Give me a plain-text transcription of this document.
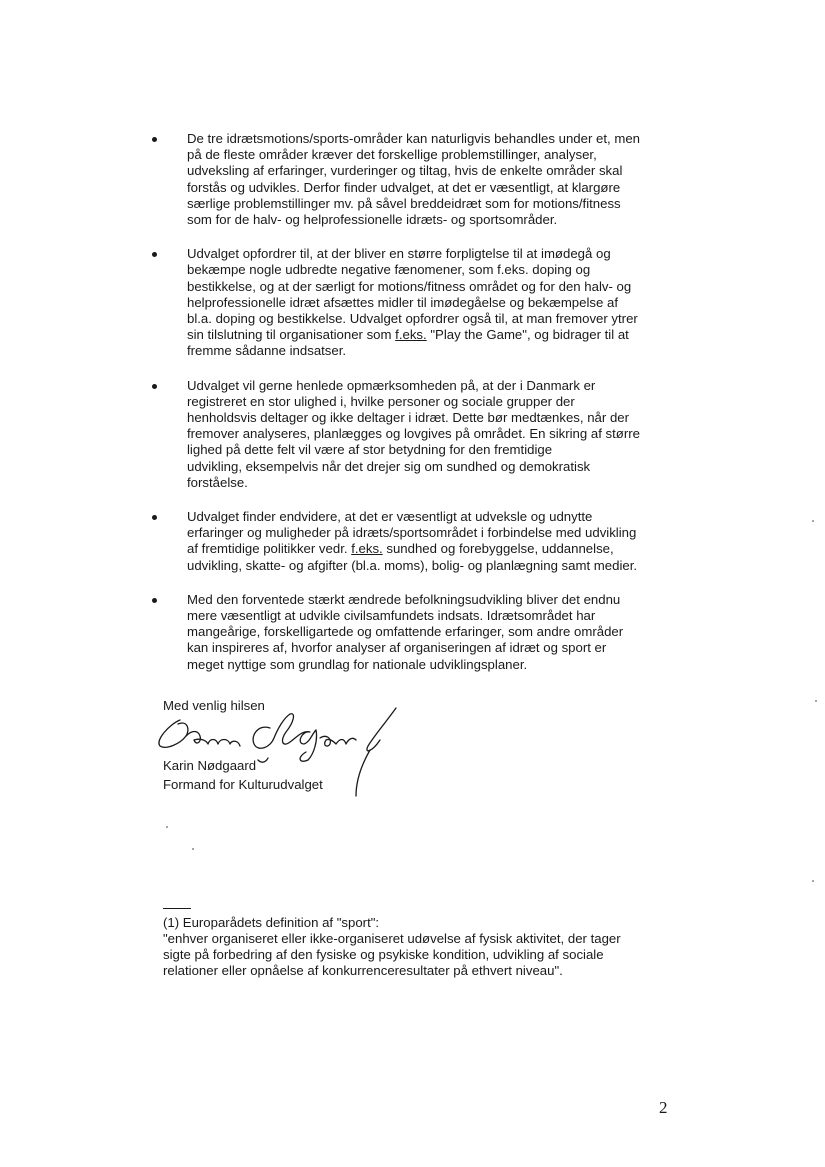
De tre idrætsmotions/sports-områder kan naturligvis behandles under et, men
på de fleste områder kræver det forskellige problemstillinger, analyser,
udveksling af erfaringer, vurderinger og tiltag, hvis de enkelte områder skal
forstås og udvikles. Derfor finder udvalget, at det er væsentligt, at klargøre
særlige problemstillinger mv. på såvel breddeidræt som for motions/fitness
som for de halv- og helprofessionelle idræts- og sportsområder.
Udvalget opfordrer til, at der bliver en større forpligtelse til at imødegå og
bekæmpe nogle udbredte negative fænomener, som f.eks. doping og
bestikkelse, og at der særligt for motions/fitness området og for den halv- og
helprofessionelle idræt afsættes midler til imødegåelse og bekæmpelse af
bl.a. doping og bestikkelse. Udvalget opfordrer også til, at man fremover ytrer
sin tilslutning til organisationer som f.eks. "Play the Game", og bidrager til at
fremme sådanne indsatser.
Udvalget vil gerne henlede opmærksomheden på, at der i Danmark er
registreret en stor ulighed i, hvilke personer og sociale grupper der
henholdsvis deltager og ikke deltager i idræt. Dette bør medtænkes, når der
fremover analyseres, planlægges og lovgives på området. En sikring af større
lighed på dette felt vil være af stor betydning for den fremtidige
udvikling, eksempelvis når det drejer sig om sundhed og demokratisk
forståelse.
Udvalget finder endvidere, at det er væsentligt at udveksle og udnytte
erfaringer og muligheder på idræts/sportsområdet i forbindelse med udvikling
af fremtidige politikker vedr. f.eks. sundhed og forebyggelse, uddannelse,
udvikling, skatte- og afgifter (bl.a. moms), bolig- og planlægning samt medier.
Med den forventede stærkt ændrede befolkningsudvikling bliver det endnu
mere væsentligt at udvikle civilsamfundets indsats. Idrætsområdet har
mangeårige, forskelligartede og omfattende erfaringer, som andre områder
kan inspireres af, hvorfor analyser af organiseringen af idræt og sport er
meget nyttige som grundlag for nationale udviklingsplaner.
Med venlig hilsen
Karin Nødgaard
Formand for Kulturudvalget
(1) Europarådets definition af "sport":
"enhver organiseret eller ikke-organiseret udøvelse af fysisk aktivitet, der tager
sigte på forbedring af den fysiske og psykiske kondition, udvikling af sociale
relationer eller opnåelse af konkurrenceresultater på ethvert niveau".
2
